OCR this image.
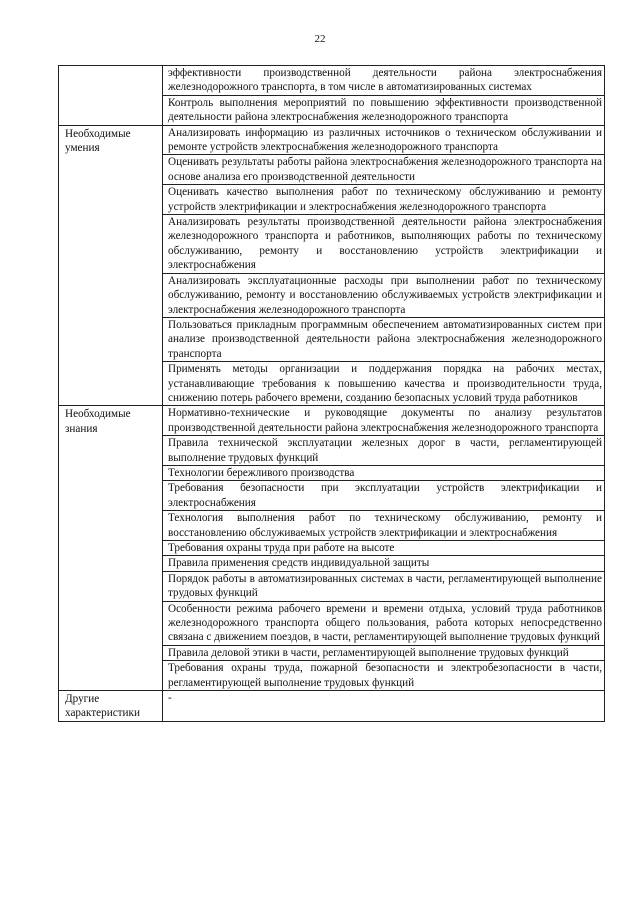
22
	эффективности производственной деятельности района электроснабжения железнодорожного транспорта, в том числе в автоматизированных системах
	Контроль выполнения мероприятий по повышению эффективности производственной деятельности района электроснабжения железнодорожного транспорта
Необходимые умения	Анализировать информацию из различных источников о техническом обслуживании и ремонте устройств электроснабжения железнодорожного транспорта
	Оценивать результаты работы района электроснабжения железнодорожного транспорта на основе анализа его производственной деятельности
	Оценивать качество выполнения работ по техническому обслуживанию и ремонту устройств электрификации и электроснабжения железнодорожного транспорта
	Анализировать результаты производственной деятельности района электроснабжения железнодорожного транспорта и работников, выполняющих работы по техническому обслуживанию, ремонту и восстановлению устройств электрификации и электроснабжения
	Анализировать эксплуатационные расходы при выполнении работ по техническому обслуживанию, ремонту и восстановлению обслуживаемых устройств электрификации и электроснабжения железнодорожного транспорта
	Пользоваться прикладным программным обеспечением автоматизированных систем при анализе производственной деятельности района электроснабжения железнодорожного транспорта
	Применять методы организации и поддержания порядка на рабочих местах, устанавливающие требования к повышению качества и производительности труда, снижению потерь рабочего времени, созданию безопасных условий труда работников
Необходимые знания	Нормативно-технические и руководящие документы по анализу результатов производственной деятельности района электроснабжения железнодорожного транспорта
	Правила технической эксплуатации железных дорог в части, регламентирующей выполнение трудовых функций
	Технологии бережливого производства
	Требования безопасности при эксплуатации устройств электрификации и электроснабжения
	Технология выполнения работ по техническому обслуживанию, ремонту и восстановлению обслуживаемых устройств электрификации и электроснабжения
	Требования охраны труда при работе на высоте
	Правила применения средств индивидуальной защиты
	Порядок работы в автоматизированных системах в части, регламентирующей выполнение трудовых функций
	Особенности режима рабочего времени и времени отдыха, условий труда работников железнодорожного транспорта общего пользования, работа которых непосредственно связана с движением поездов, в части, регламентирующей выполнение трудовых функций
	Правила деловой этики в части, регламентирующей выполнение трудовых функций
	Требования охраны труда, пожарной безопасности и электробезопасности в части, регламентирующей выполнение трудовых функций
Другие характеристики	-
